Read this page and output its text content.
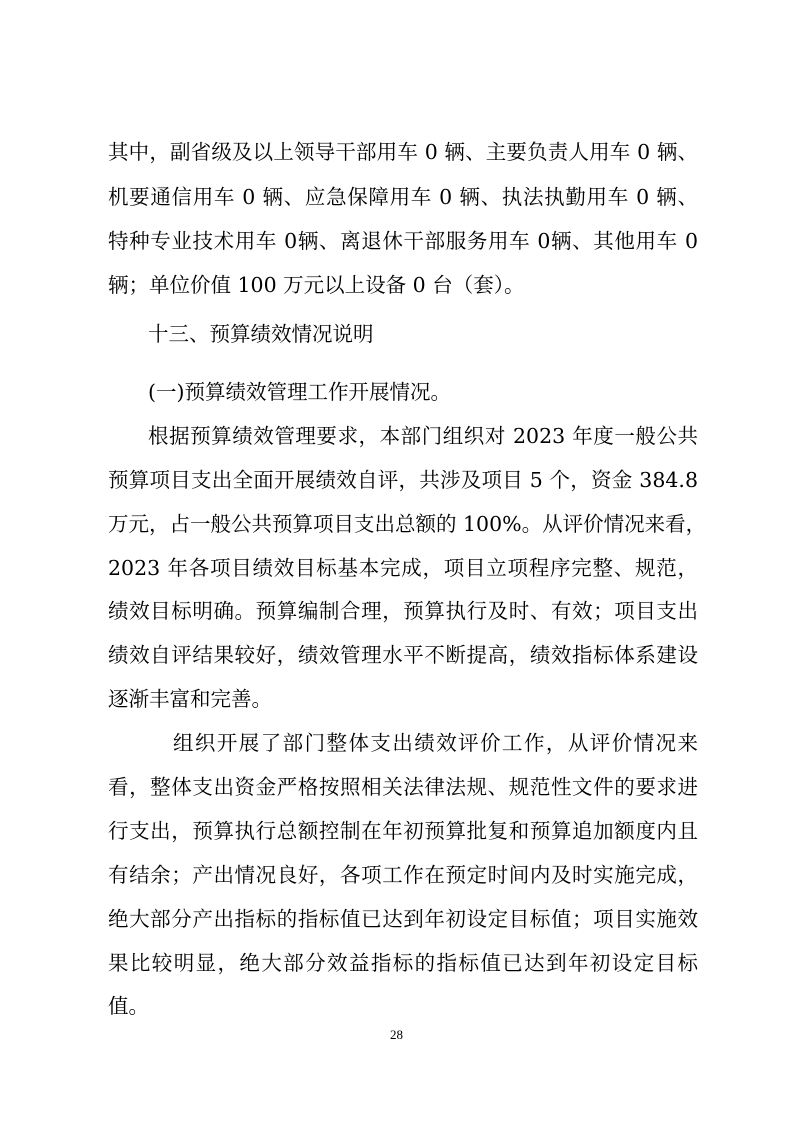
其中，副省级及以上领导干部用车 0 辆、主要负责人用车 0 辆、
机要通信用车 0 辆、应急保障用车 0 辆、执法执勤用车 0 辆、
特种专业技术用车 0辆、离退休干部服务用车 0辆、其他用车 0
辆；单位价值 100 万元以上设备 0 台（套）。
十三、预算绩效情况说明
(一)预算绩效管理工作开展情况。
根据预算绩效管理要求，本部门组织对 2023 年度一般公共
预算项目支出全面开展绩效自评，共涉及项目 5 个，资金 384.8
万元，占一般公共预算项目支出总额的 100%。从评价情况来看，
2023 年各项目绩效目标基本完成，项目立项程序完整、规范，
绩效目标明确。预算编制合理，预算执行及时、有效；项目支出
绩效自评结果较好，绩效管理水平不断提高，绩效指标体系建设
逐渐丰富和完善。
组织开展了部门整体支出绩效评价工作，从评价情况来
看，整体支出资金严格按照相关法律法规、规范性文件的要求进
行支出，预算执行总额控制在年初预算批复和预算追加额度内且
有结余；产出情况良好，各项工作在预定时间内及时实施完成，
绝大部分产出指标的指标值已达到年初设定目标值；项目实施效
果比较明显，绝大部分效益指标的指标值已达到年初设定目标
值。
28
